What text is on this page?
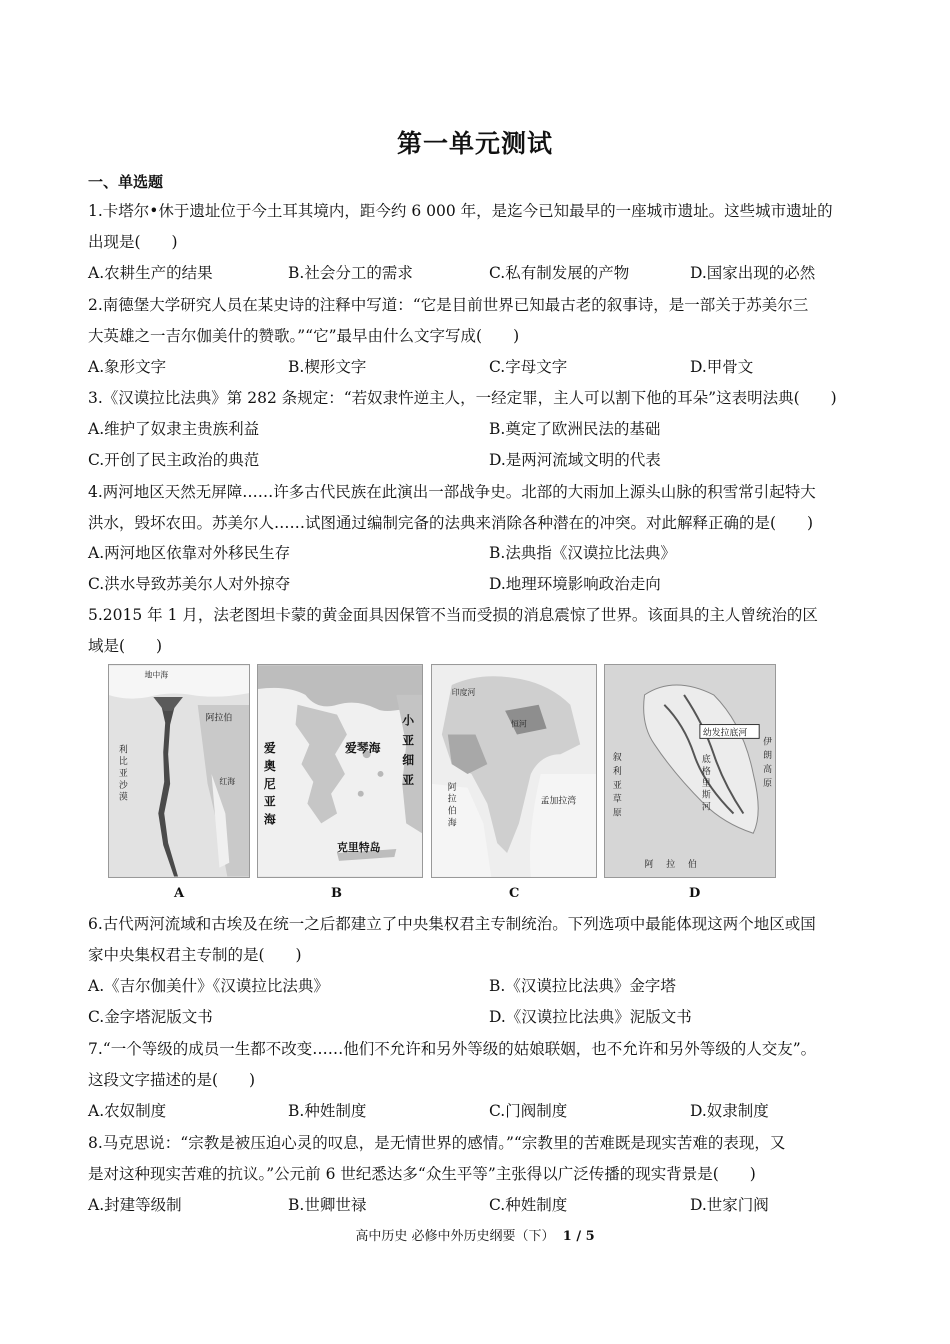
第一单元测试
一、单选题
1.卡塔尔•休于遗址位于今土耳其境内，距今约 6 000 年，是迄今已知最早的一座城市遗址。这些城市遗址的
出现是(　　)
A.农耕生产的结果	B.社会分工的需求	C.私有制发展的产物	D.国家出现的必然
2.南德堡大学研究人员在某史诗的注释中写道：“它是目前世界已知最古老的叙事诗，是一部关于苏美尔三
大英雄之一吉尔伽美什的赞歌。”“它”最早由什么文字写成(　　)
A.象形文字	B.楔形文字	C.字母文字	D.甲骨文
3.《汉谟拉比法典》第 282 条规定：“若奴隶忤逆主人，一经定罪，主人可以割下他的耳朵”这表明法典(　　)
A.维护了奴隶主贵族利益	B.奠定了欧洲民法的基础
C.开创了民主政治的典范	D.是两河流域文明的代表
4.两河地区天然无屏障……许多古代民族在此演出一部战争史。北部的大雨加上源头山脉的积雪常引起特大
洪水，毁坏农田。苏美尔人……试图通过编制完备的法典来消除各种潜在的冲突。对此解释正确的是(　　)
A.两河地区依靠对外移民生存	B.法典指《汉谟拉比法典》
C.洪水导致苏美尔人对外掠夺	D.地理环境影响政治走向
5.2015 年 1 月，法老图坦卡蒙的黄金面具因保管不当而受损的消息震惊了世界。该面具的主人曾统治的区
域是(　　)
地中海
阿拉伯
利
比
亚
沙
漠
红海
小
亚
细
亚
爱
奥
尼
亚
海
爱琴海
克里特岛
印度河
恒河
阿
拉
伯
海
孟加拉湾
幼发拉底河
底
格
里
斯
河
叙
利
亚
草
原
伊
朗
高
原
阿 拉 伯
A	B	C	D
6.古代两河流域和古埃及在统一之后都建立了中央集权君主专制统治。下列选项中最能体现这两个地区或国
家中央集权君主专制的是(　　)
A.《吉尔伽美什》《汉谟拉比法典》	B.《汉谟拉比法典》金字塔
C.金字塔泥版文书	D.《汉谟拉比法典》泥版文书
7.“一个等级的成员一生都不改变……他们不允许和另外等级的姑娘联姻，也不允许和另外等级的人交友”。
这段文字描述的是(　　)
A.农奴制度	B.种姓制度	C.门阀制度	D.奴隶制度
8.马克思说：“宗教是被压迫心灵的叹息，是无情世界的感情。”“宗教里的苦难既是现实苦难的表现，又
是对这种现实苦难的抗议。”公元前 6 世纪悉达多“众生平等”主张得以广泛传播的现实背景是(　　)
A.封建等级制	B.世卿世禄	C.种姓制度	D.世家门阀
高中历史 必修中外历史纲要（下） 1 / 5
